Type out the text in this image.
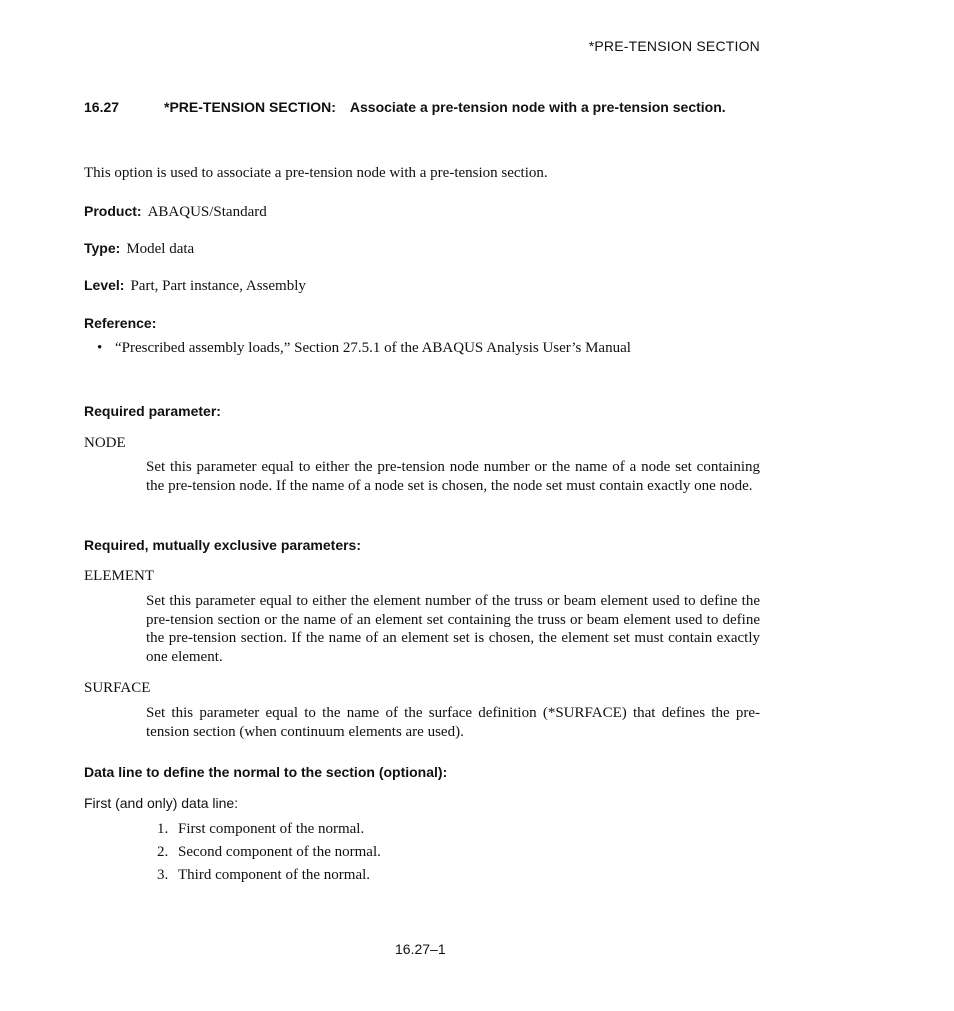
*PRE-TENSION SECTION
16.27	*PRE-TENSION SECTION: Associate a pre-tension node with a pre-tension section.
This option is used to associate a pre-tension node with a pre-tension section.
Product: ABAQUS/Standard
Type: Model data
Level: Part, Part instance, Assembly
Reference:
• “Prescribed assembly loads,” Section 27.5.1 of the ABAQUS Analysis User’s Manual
Required parameter:
NODE
Set this parameter equal to either the pre-tension node number or the name of a node set containing the pre-tension node. If the name of a node set is chosen, the node set must contain exactly one node.
Required, mutually exclusive parameters:
ELEMENT
Set this parameter equal to either the element number of the truss or beam element used to define the pre-tension section or the name of an element set containing the truss or beam element used to define the pre-tension section. If the name of an element set is chosen, the element set must contain exactly one element.
SURFACE
Set this parameter equal to the name of the surface definition (*SURFACE) that defines the pre-tension section (when continuum elements are used).
Data line to define the normal to the section (optional):
First (and only) data line:
1. First component of the normal.
2. Second component of the normal.
3. Third component of the normal.
16.27–1
